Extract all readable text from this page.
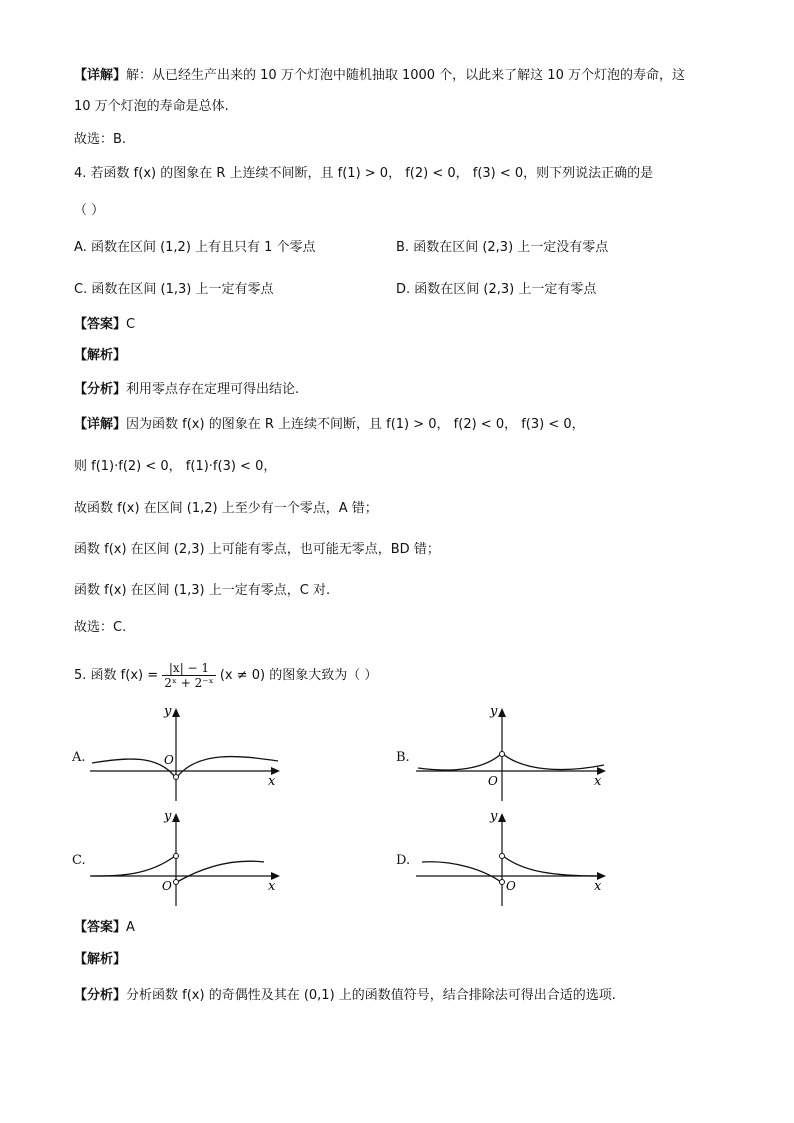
【详解】解：从已经生产出来的 10 万个灯泡中随机抽取 1000 个，以此来了解这 10 万个灯泡的寿命，这
10 万个灯泡的寿命是总体.
故选：B.
4. 若函数 f(x) 的图象在 R 上连续不间断，且 f(1) > 0， f(2) < 0， f(3) < 0，则下列说法正确的是
（ ）
A. 函数在区间 (1,2) 上有且只有 1 个零点	B. 函数在区间 (2,3) 上一定没有零点
C. 函数在区间 (1,3) 上一定有零点	D. 函数在区间 (2,3) 上一定有零点
【答案】C
【解析】
【分析】利用零点存在定理可得出结论.
【详解】因为函数 f(x) 的图象在 R 上连续不间断，且 f(1) > 0， f(2) < 0， f(3) < 0，
则 f(1)·f(2) < 0， f(1)·f(3) < 0，
故函数 f(x) 在区间 (1,2) 上至少有一个零点，A 错；
函数 f(x) 在区间 (2,3) 上可能有零点，也可能无零点，BD 错；
函数 f(x) 在区间 (1,3) 上一定有零点，C 对.
故选：C.
5. 函数 $f(x) = \frac{|x| - 1}{\text{2ˣ + 2⁻ˣ}} (x \ne 0)$ 的图象大致为（ ）
A.
x
y
O	B.
x
y
O
C.
x
y
O
D.
x
y
O
【答案】A
【解析】
【分析】分析函数 f(x) 的奇偶性及其在 (0,1) 上的函数值符号，结合排除法可得出合适的选项.
